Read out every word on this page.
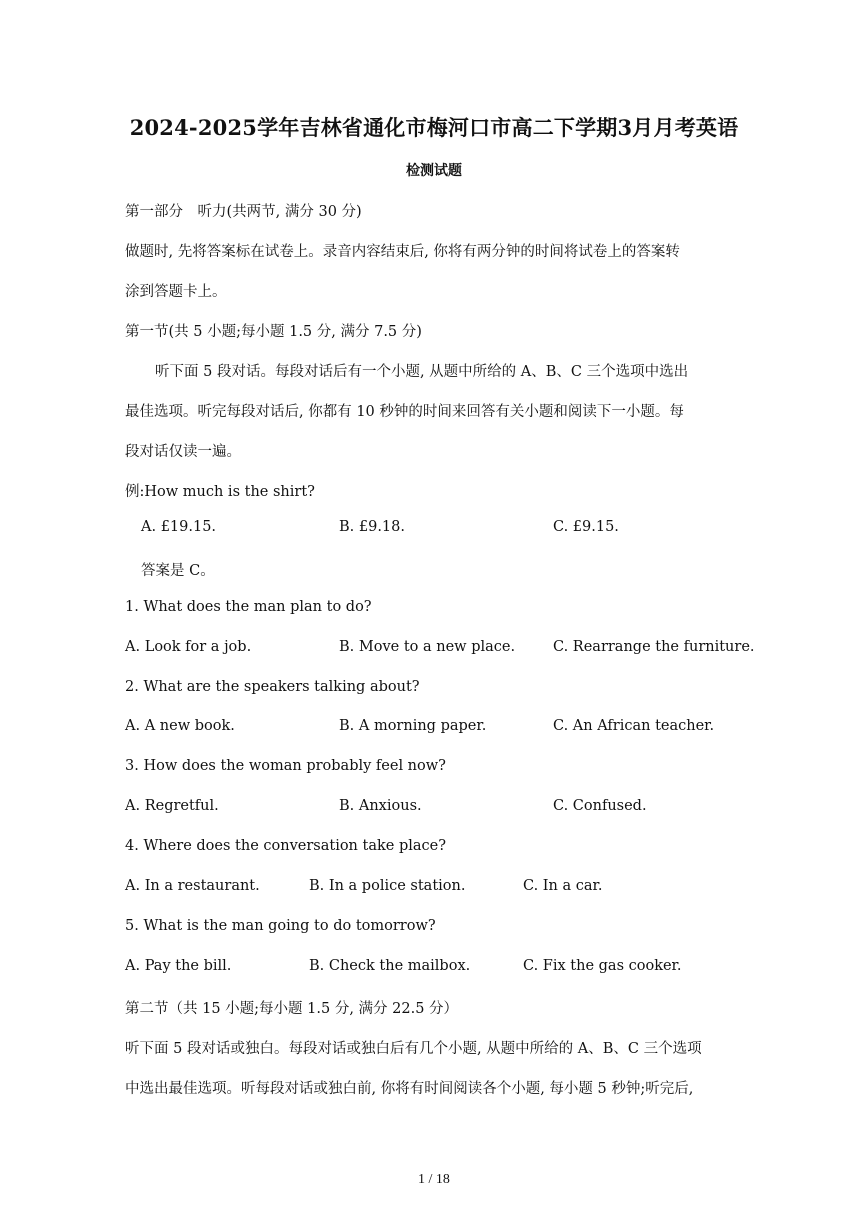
2024-2025学年吉林省通化市梅河口市高二下学期3月月考英语
检测试题
第一部分　听力(共两节, 满分 30 分)
做题时, 先将答案标在试卷上。录音内容结束后, 你将有两分钟的时间将试卷上的答案转
涂到答题卡上。
第一节(共 5 小题;每小题 1.5 分, 满分 7.5 分)
听下面 5 段对话。每段对话后有一个小题, 从题中所给的 A、B、C 三个选项中选出
最佳选项。听完每段对话后, 你都有 10 秒钟的时间来回答有关小题和阅读下一小题。每
段对话仅读一遍。
例:How much is the shirt?
A. £19.15.	B. £9.18.	C. £9.15.
答案是 C。
1. What does the man plan to do?
A. Look for a job.	B. Move to a new place.	C. Rearrange the furniture.
2. What are the speakers talking about?
A. A new book.	B. A morning paper.	C. An African teacher.
3. How does the woman probably feel now?
A. Regretful.	B. Anxious.	C. Confused.
4. Where does the conversation take place?
A. In a restaurant.	B. In a police station.	C. In a car.
5. What is the man going to do tomorrow?
A. Pay the bill.	B. Check the mailbox.	C. Fix the gas cooker.
第二节（共 15 小题;每小题 1.5 分, 满分 22.5 分）
听下面 5 段对话或独白。每段对话或独白后有几个小题, 从题中所给的 A、B、C 三个选项
中选出最佳选项。听每段对话或独白前, 你将有时间阅读各个小题, 每小题 5 秒钟;听完后,
1 / 18
